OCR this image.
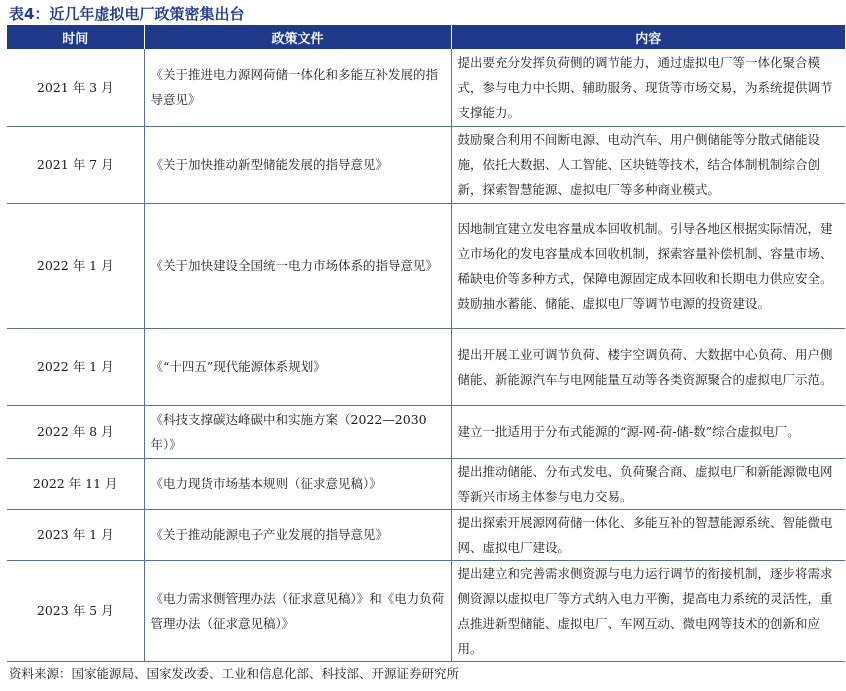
表4：近几年虚拟电厂政策密集出台
时间	政策文件	内容
2021 年 3 月	《关于推进电力源网荷储一体化和多能互补发展的指导意见》	提出要充分发挥负荷侧的调节能力，通过虚拟电厂等一体化聚合模式，参与电力中长期、辅助服务、现货等市场交易，为系统提供调节支撑能力。
2021 年 7 月	《关于加快推动新型储能发展的指导意见》	鼓励聚合利用不间断电源、电动汽车、用户侧储能等分散式储能设施，依托大数据、人工智能、区块链等技术，结合体制机制综合创新，探索智慧能源、虚拟电厂等多种商业模式。
2022 年 1 月	《关于加快建设全国统一电力市场体系的指导意见》	因地制宜建立发电容量成本回收机制。引导各地区根据实际情况，建立市场化的发电容量成本回收机制，探索容量补偿机制、容量市场、稀缺电价等多种方式，保障电源固定成本回收和长期电力供应安全。鼓励抽水蓄能、储能、虚拟电厂等调节电源的投资建设。
2022 年 1 月	《“十四五”现代能源体系规划》	提出开展工业可调节负荷、楼宇空调负荷、大数据中心负荷、用户侧储能、新能源汽车与电网能量互动等各类资源聚合的虚拟电厂示范。
2022 年 8 月	《科技支撑碳达峰碳中和实施方案（2022—2030年）》	建立一批适用于分布式能源的“源-网-荷-储-数”综合虚拟电厂。
2022 年 11 月	《电力现货市场基本规则（征求意见稿）》	提出推动储能、分布式发电、负荷聚合商、虚拟电厂和新能源微电网等新兴市场主体参与电力交易。
2023 年 1 月	《关于推动能源电子产业发展的指导意见》	提出探索开展源网荷储一体化、多能互补的智慧能源系统、智能微电网、虚拟电厂建设。
2023 年 5 月	《电力需求侧管理办法（征求意见稿）》和《电力负荷管理办法（征求意见稿）》	提出建立和完善需求侧资源与电力运行调节的衔接机制，逐步将需求侧资源以虚拟电厂等方式纳入电力平衡，提高电力系统的灵活性，重点推进新型储能、虚拟电厂、车网互动、微电网等技术的创新和应用。
资料来源：国家能源局、国家发改委、工业和信息化部、科技部、开源证券研究所
